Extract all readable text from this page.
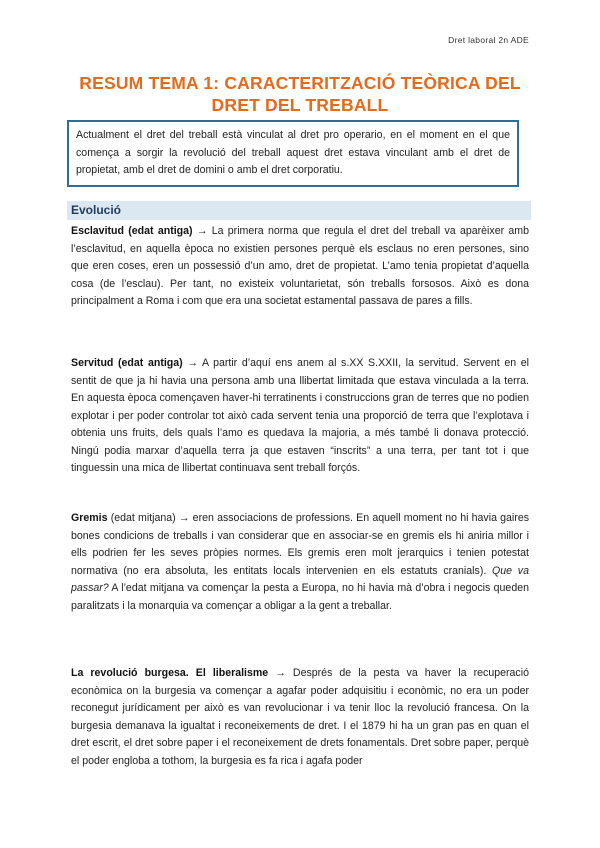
Dret laboral 2n ADE
RESUM TEMA 1: CARACTERITZACIÓ TEÒRICA DEL DRET DEL TREBALL
Actualment el dret del treball està vinculat al dret pro operario, en el moment en el que comença a sorgir la revolució del treball aquest dret estava vinculant amb el dret de propietat, amb el dret de domini o amb el dret corporatiu.
Evolució
Esclavitud (edat antiga) → La primera norma que regula el dret del treball va aparèixer amb l’esclavitud, en aquella època no existien persones perquè els esclaus no eren persones, sino que eren coses, eren un possessió d’un amo, dret de propietat. L’amo tenia propietat d’aquella cosa (de l’esclau). Per tant, no existeix voluntarietat, són treballs forsosos. Això es dona principalment a Roma i com que era una societat estamental passava de pares a fills.
Servitud (edat antiga) → A partir d’aquí ens anem al s.XX S.XXII, la servitud. Servent en el sentit de que ja hi havia una persona amb una llibertat limitada que estava vinculada a la terra. En aquesta època començaven haver-hi terratinents i construccions gran de terres que no podien explotar i per poder controlar tot això cada servent tenia una proporció de terra que l’explotava i obtenia uns fruits, dels quals l’amo es quedava la majoria, a més també li donava protecció. Ningú podia marxar d’aquella terra ja que estaven “inscrits” a una terra, per tant tot i que tinguessin una mica de llibertat continuava sent treball forçós.
Gremis (edat mitjana) → eren associacions de professions. En aquell moment no hi havia gaires bones condicions de treballs i van considerar que en associar-se en gremis els hi aniria millor i ells podrien fer les seves pròpies normes. Els gremis eren molt jerarquics i tenien potestat normativa (no era absoluta, les entitats locals intervenien en els estatuts cranials). Que va passar? A l’edat mitjana va començar la pesta a Europa, no hi havia mà d’obra i negocis queden paralitzats i la monarquia va començar a obligar a la gent a treballar.
La revolució burgesa. El liberalisme → Després de la pesta va haver la recuperació econòmica on la burgesia va començar a agafar poder adquisitiu i econòmic, no era un poder reconegut jurídicament per això es van revolucionar i va tenir lloc la revolució francesa. On la burgesia demanava la igualtat i reconeixements de dret. I el 1879 hi ha un gran pas en quan el dret escrit, el dret sobre paper i el reconeixement de drets fonamentals. Dret sobre paper, perquè el poder engloba a tothom, la burgesia es fa rica i agafa poder
